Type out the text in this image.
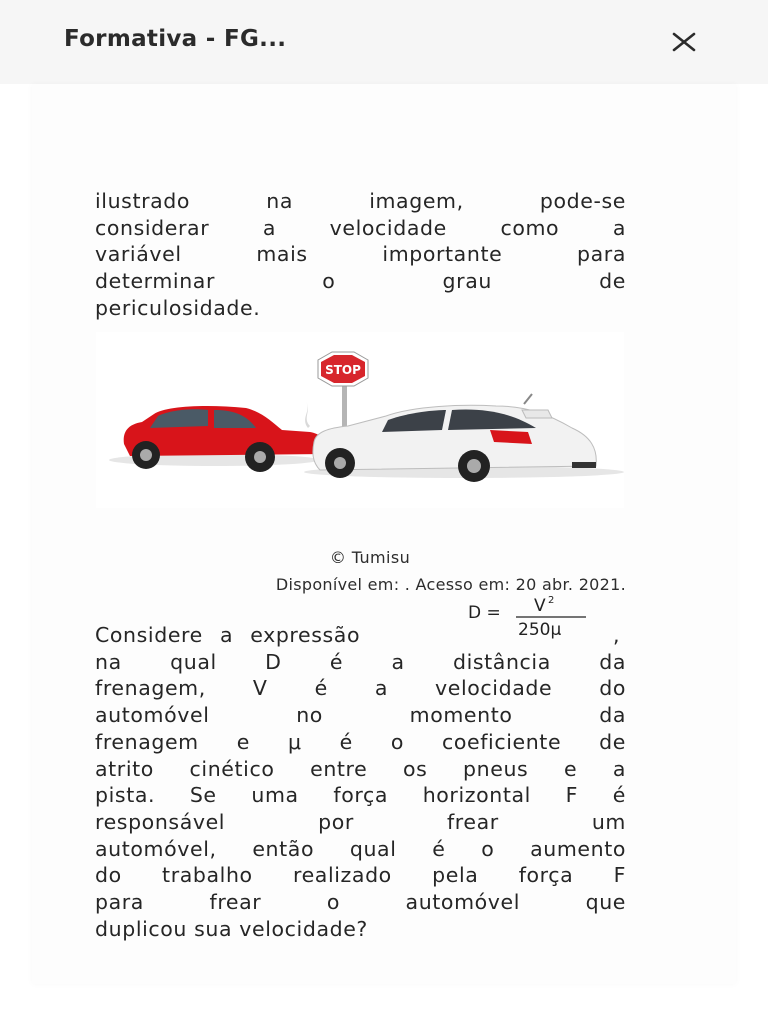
Formativa - FG...
ilustrado na imagem, pode-se
considerar a velocidade como a
variável mais importante para
determinar o grau de
periculosidade.
STOP
© Tumisu
Disponível em: . Acesso em: 20 abr. 2021.
D = V 2
250μ
Considere a expressão	,
na qual D é a distância da
frenagem, V é a velocidade do
automóvel no momento da
frenagem e μ é o coeficiente de
atrito cinético entre os pneus e a
pista. Se uma força horizontal F é
responsável por frear um
automóvel, então qual é o aumento
do trabalho realizado pela força F
para frear o automóvel que
duplicou sua velocidade?
